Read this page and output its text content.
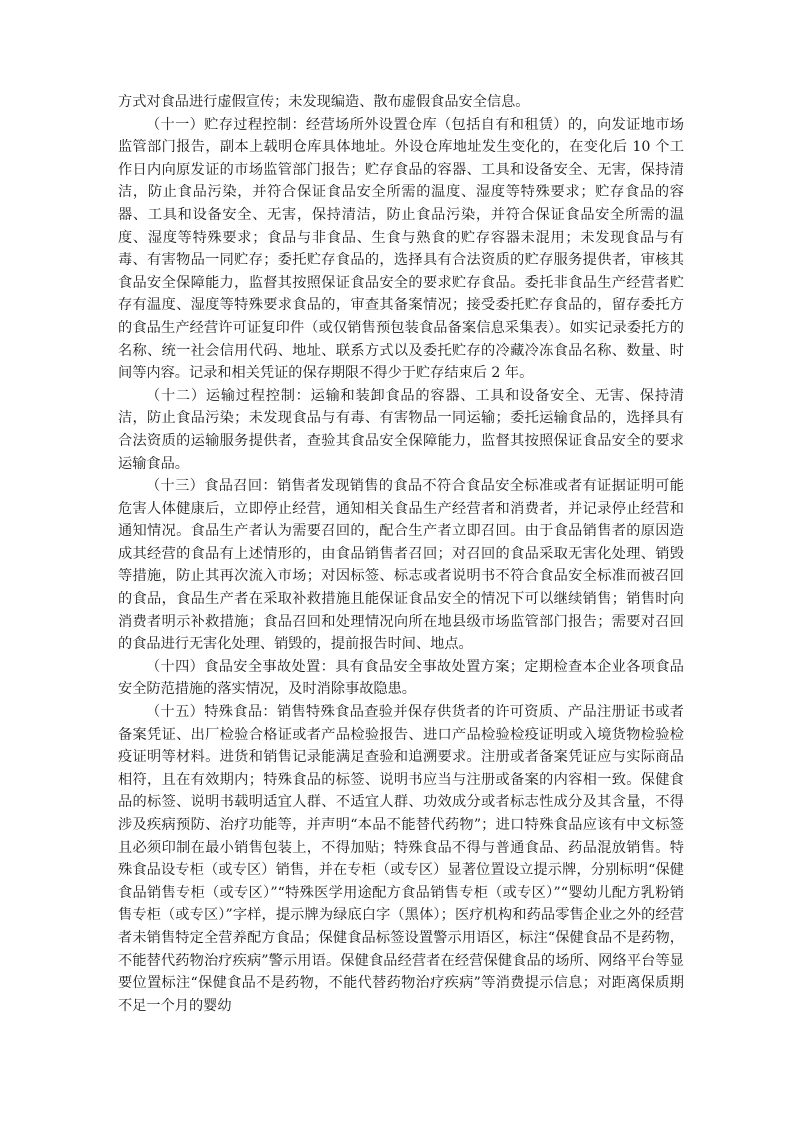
方式对食品进行虚假宣传；未发现编造、散布虚假食品安全信息。

（十一）贮存过程控制：经营场所外设置仓库（包括自有和租赁）的，向发证地市场监管部门报告，副本上载明仓库具体地址。外设仓库地址发生变化的，在变化后 10 个工作日内向原发证的市场监管部门报告；贮存食品的容器、工具和设备安全、无害，保持清洁，防止食品污染，并符合保证食品安全所需的温度、湿度等特殊要求；贮存食品的容器、工具和设备安全、无害，保持清洁，防止食品污染，并符合保证食品安全所需的温度、湿度等特殊要求；食品与非食品、生食与熟食的贮存容器未混用；未发现食品与有毒、有害物品一同贮存；委托贮存食品的，选择具有合法资质的贮存服务提供者，审核其食品安全保障能力，监督其按照保证食品安全的要求贮存食品。委托非食品生产经营者贮存有温度、湿度等特殊要求食品的，审查其备案情况；接受委托贮存食品的，留存委托方的食品生产经营许可证复印件（或仅销售预包装食品备案信息采集表）。如实记录委托方的名称、统一社会信用代码、地址、联系方式以及委托贮存的冷藏冷冻食品名称、数量、时间等内容。记录和相关凭证的保存期限不得少于贮存结束后 2 年。

（十二）运输过程控制：运输和装卸食品的容器、工具和设备安全、无害、保持清洁，防止食品污染；未发现食品与有毒、有害物品一同运输；委托运输食品的，选择具有合法资质的运输服务提供者，查验其食品安全保障能力，监督其按照保证食品安全的要求运输食品。

（十三）食品召回：销售者发现销售的食品不符合食品安全标准或者有证据证明可能危害人体健康后，立即停止经营，通知相关食品生产经营者和消费者，并记录停止经营和通知情况。食品生产者认为需要召回的，配合生产者立即召回。由于食品销售者的原因造成其经营的食品有上述情形的，由食品销售者召回；对召回的食品采取无害化处理、销毁等措施，防止其再次流入市场；对因标签、标志或者说明书不符合食品安全标准而被召回的食品，食品生产者在采取补救措施且能保证食品安全的情况下可以继续销售；销售时向消费者明示补救措施；食品召回和处理情况向所在地县级市场监管部门报告；需要对召回的食品进行无害化处理、销毁的，提前报告时间、地点。

（十四）食品安全事故处置：具有食品安全事故处置方案；定期检查本企业各项食品安全防范措施的落实情况，及时消除事故隐患。

（十五）特殊食品：销售特殊食品查验并保存供货者的许可资质、产品注册证书或者备案凭证、出厂检验合格证或者产品检验报告、进口产品检验检疫证明或入境货物检验检疫证明等材料。进货和销售记录能满足查验和追溯要求。注册或者备案凭证应与实际商品相符，且在有效期内；特殊食品的标签、说明书应当与注册或备案的内容相一致。保健食品的标签、说明书载明适宜人群、不适宜人群、功效成分或者标志性成分及其含量，不得涉及疾病预防、治疗功能等，并声明“本品不能替代药物”；进口特殊食品应该有中文标签且必须印制在最小销售包装上，不得加贴；特殊食品不得与普通食品、药品混放销售。特殊食品设专柜（或专区）销售，并在专柜（或专区）显著位置设立提示牌，分别标明“保健食品销售专柜（或专区）”“特殊医学用途配方食品销售专柜（或专区）”“婴幼儿配方乳粉销售专柜（或专区）”字样，提示牌为绿底白字（黑体）；医疗机构和药品零售企业之外的经营者未销售特定全营养配方食品；保健食品标签设置警示用语区，标注“保健食品不是药物，不能替代药物治疗疾病”警示用语。保健食品经营者在经营保健食品的场所、网络平台等显要位置标注“保健食品不是药物，不能代替药物治疗疾病”等消费提示信息；对距离保质期不足一个月的婴幼
